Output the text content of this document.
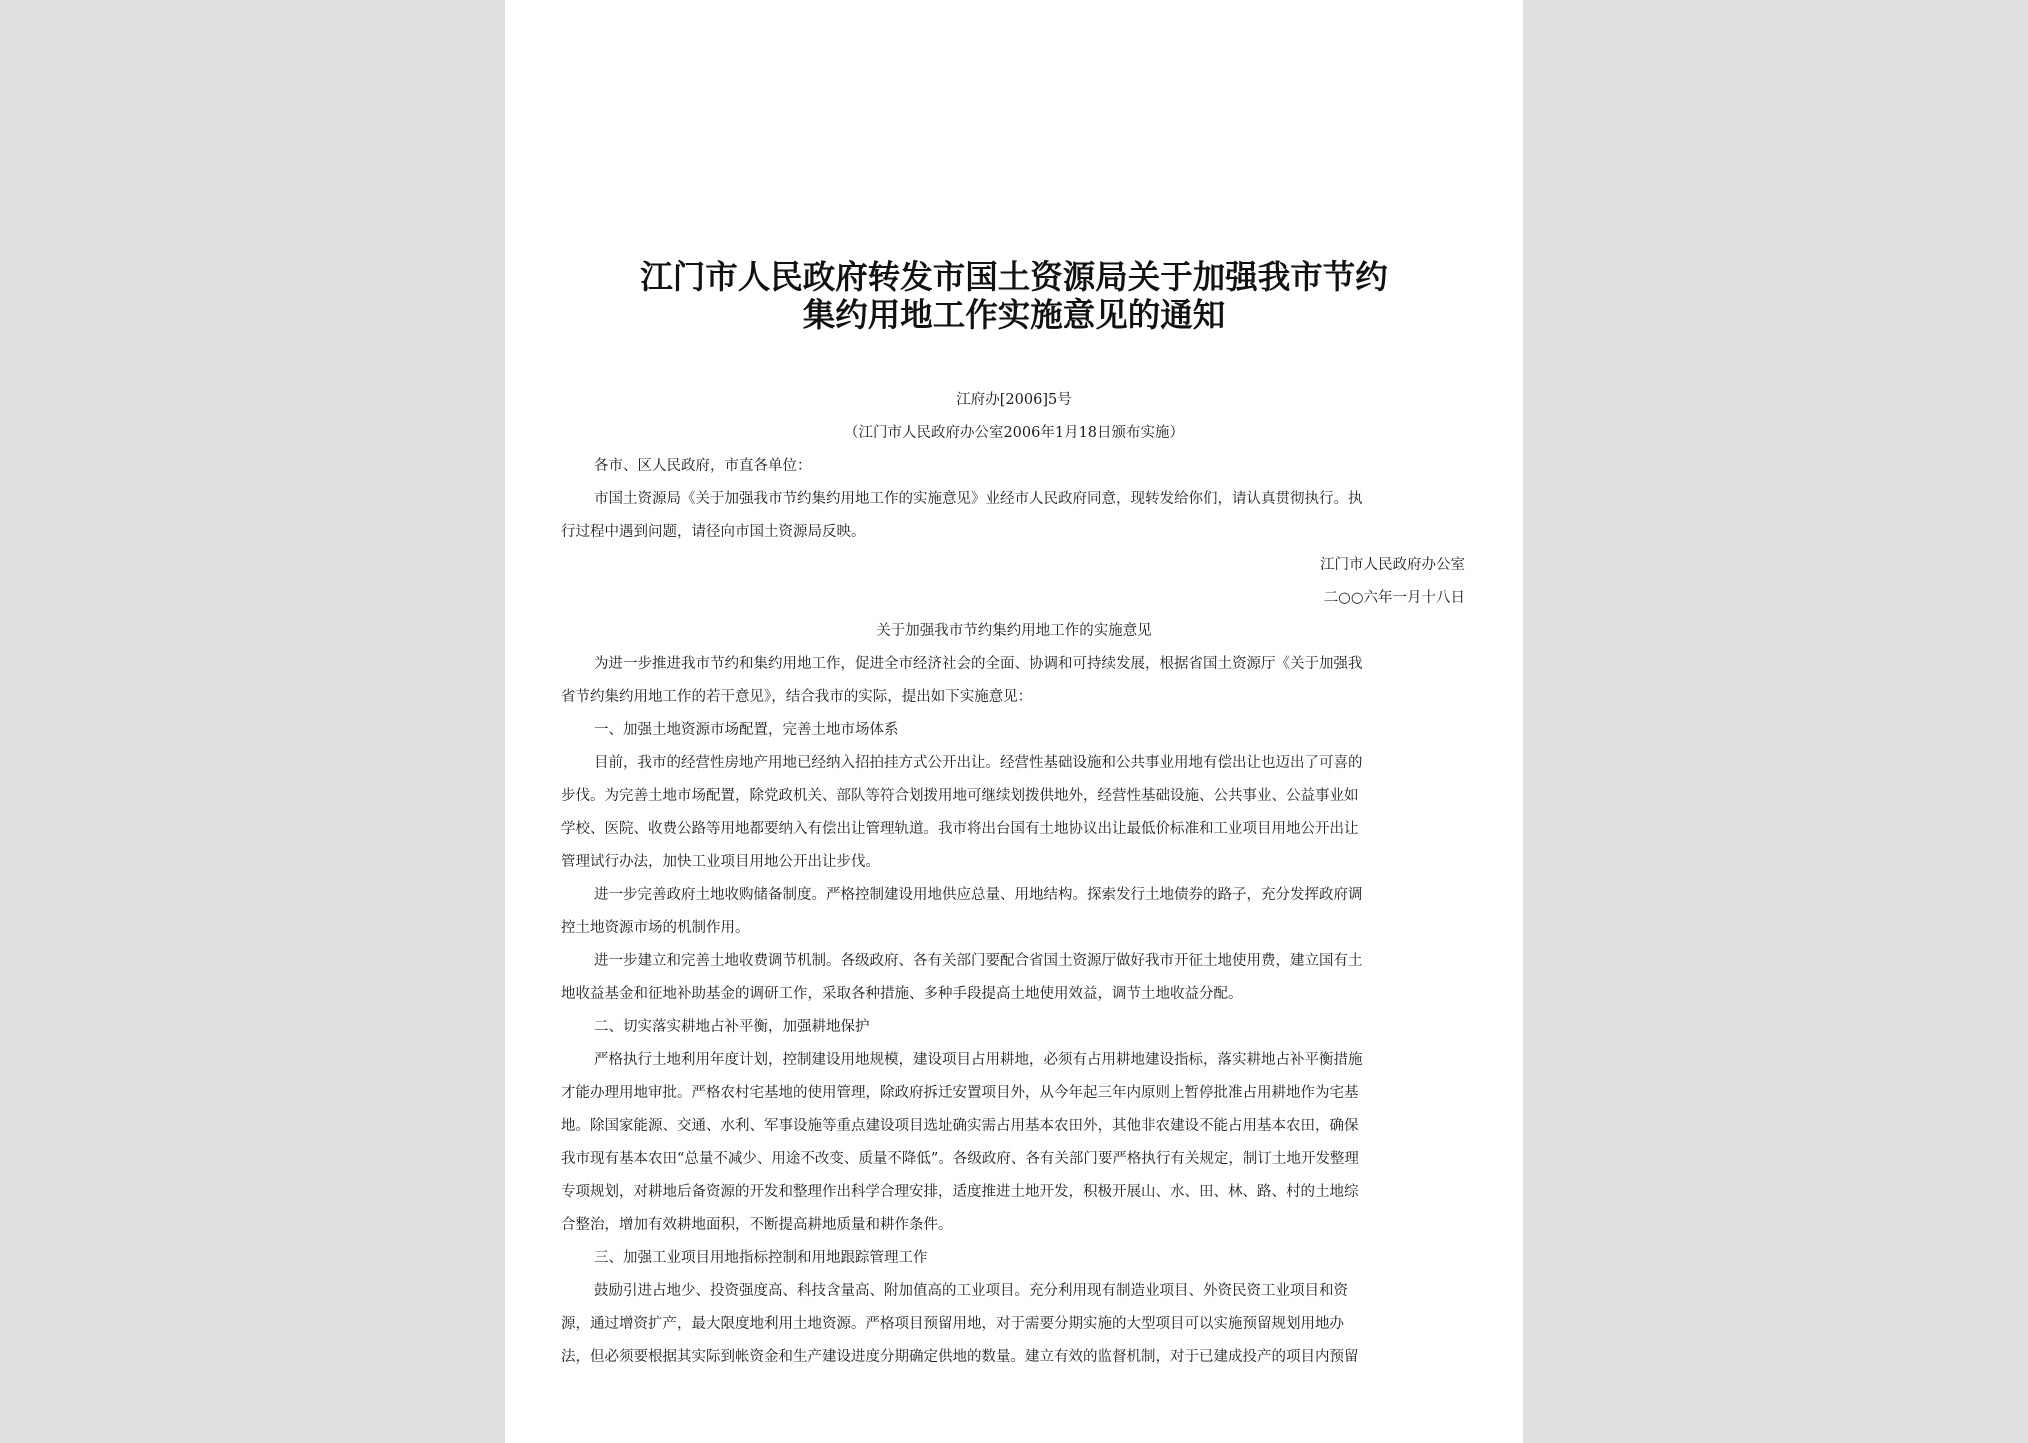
江门市人民政府转发市国土资源局关于加强我市节约
集约用地工作实施意见的通知
江府办[2006]5号
（江门市人民政府办公室2006年1月18日颁布实施）
各市、区人民政府，市直各单位：
市国土资源局《关于加强我市节约集约用地工作的实施意见》业经市人民政府同意，现转发给你们，请认真贯彻执行。执
行过程中遇到问题，请径向市国土资源局反映。
江门市人民政府办公室
二○○六年一月十八日
关于加强我市节约集约用地工作的实施意见
为进一步推进我市节约和集约用地工作，促进全市经济社会的全面、协调和可持续发展，根据省国土资源厅《关于加强我
省节约集约用地工作的若干意见》，结合我市的实际，提出如下实施意见：
一、加强土地资源市场配置，完善土地市场体系
目前，我市的经营性房地产用地已经纳入招拍挂方式公开出让。经营性基础设施和公共事业用地有偿出让也迈出了可喜的
步伐。为完善土地市场配置，除党政机关、部队等符合划拨用地可继续划拨供地外，经营性基础设施、公共事业、公益事业如
学校、医院、收费公路等用地都要纳入有偿出让管理轨道。我市将出台国有土地协议出让最低价标准和工业项目用地公开出让
管理试行办法，加快工业项目用地公开出让步伐。
进一步完善政府土地收购储备制度。严格控制建设用地供应总量、用地结构。探索发行土地债券的路子，充分发挥政府调
控土地资源市场的机制作用。
进一步建立和完善土地收费调节机制。各级政府、各有关部门要配合省国土资源厅做好我市开征土地使用费，建立国有土
地收益基金和征地补助基金的调研工作，采取各种措施、多种手段提高土地使用效益，调节土地收益分配。
二、切实落实耕地占补平衡，加强耕地保护
严格执行土地利用年度计划，控制建设用地规模，建设项目占用耕地，必须有占用耕地建设指标，落实耕地占补平衡措施
才能办理用地审批。严格农村宅基地的使用管理，除政府拆迁安置项目外，从今年起三年内原则上暂停批准占用耕地作为宅基
地。除国家能源、交通、水利、军事设施等重点建设项目选址确实需占用基本农田外，其他非农建设不能占用基本农田，确保
我市现有基本农田“总量不减少、用途不改变、质量不降低”。各级政府、各有关部门要严格执行有关规定，制订土地开发整理
专项规划，对耕地后备资源的开发和整理作出科学合理安排，适度推进土地开发，积极开展山、水、田、林、路、村的土地综
合整治，增加有效耕地面积，不断提高耕地质量和耕作条件。
三、加强工业项目用地指标控制和用地跟踪管理工作
鼓励引进占地少、投资强度高、科技含量高、附加值高的工业项目。充分利用现有制造业项目、外资民资工业项目和资
源，通过增资扩产，最大限度地利用土地资源。严格项目预留用地，对于需要分期实施的大型项目可以实施预留规划用地办
法，但必须要根据其实际到帐资金和生产建设进度分期确定供地的数量。建立有效的监督机制，对于已建成投产的项目内预留
